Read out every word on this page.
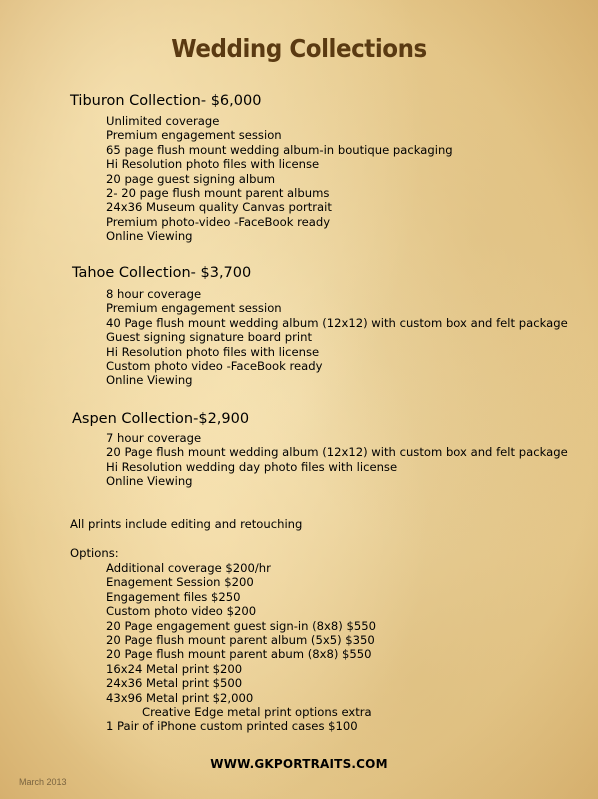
Wedding Collections

Tiburon Collection- $6,000

Unlimited coverage
Premium engagement session
65 page flush mount wedding album-in boutique packaging
Hi Resolution photo files with license
20 page guest signing album
2- 20 page flush mount parent albums
24x36 Museum quality Canvas portrait
Premium photo-video -FaceBook ready
Online Viewing

Tahoe Collection- $3,700

8 hour coverage
Premium engagement session
40 Page flush mount wedding album (12x12) with custom box and felt package
Guest signing signature board print
Hi Resolution photo files with license
Custom photo video -FaceBook ready
Online Viewing

Aspen Collection-$2,900

7 hour coverage
20 Page flush mount wedding album (12x12) with custom box and felt package
Hi Resolution wedding day photo files with license
Online Viewing

All prints include editing and retouching

Options:

Additional coverage $200/hr
Enagement Session $200
Engagement files $250
Custom photo video $200
20 Page engagement guest sign-in (8x8) $550
20 Page flush mount parent album (5x5) $350
20 Page flush mount parent abum (8x8) $550
16x24 Metal print $200
24x36 Metal print $500
43x96 Metal print $2,000
Creative Edge metal print options extra
1 Pair of iPhone custom printed cases $100
WWW.GKPORTRAITS.COM
March 2013
